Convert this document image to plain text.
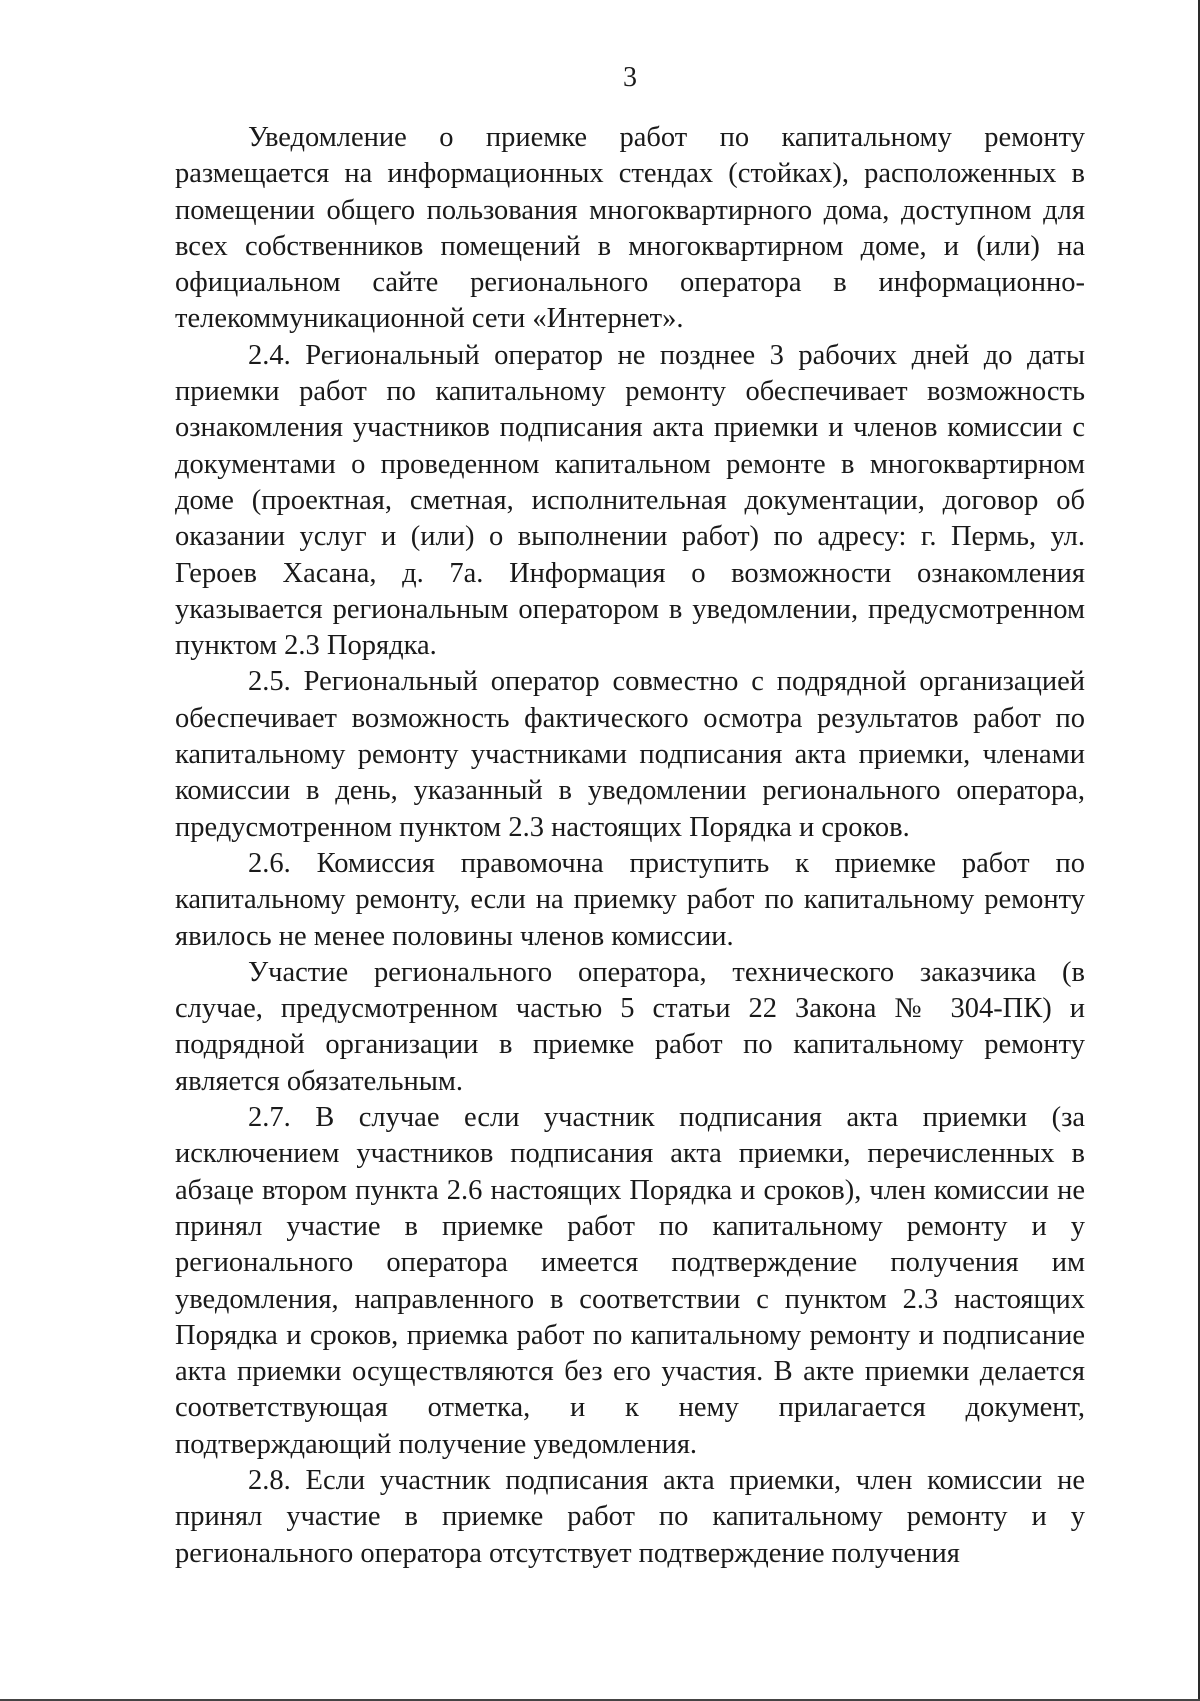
3

Уведомление о приемке работ по капитальному ремонту размещается на информационных стендах (стойках), расположенных в помещении общего пользования многоквартирного дома, доступном для всех собственников помещений в многоквартирном доме, и (или) на официальном сайте регионального оператора в информационно-телекоммуникационной сети «Интернет».

2.4. Региональный оператор не позднее 3 рабочих дней до даты приемки работ по капитальному ремонту обеспечивает возможность ознакомления участников подписания акта приемки и членов комиссии с документами о проведенном капитальном ремонте в многоквартирном доме (проектная, сметная, исполнительная документации, договор об оказании услуг и (или) о выполнении работ) по адресу: г. Пермь, ул. Героев Хасана, д. 7а. Информация о возможности ознакомления указывается региональным оператором в уведомлении, предусмотренном пунктом 2.3 Порядка.

2.5. Региональный оператор совместно с подрядной организацией обеспечивает возможность фактического осмотра результатов работ по капитальному ремонту участниками подписания акта приемки, членами комиссии в день, указанный в уведомлении регионального оператора, предусмотренном пунктом 2.3 настоящих Порядка и сроков.

2.6. Комиссия правомочна приступить к приемке работ по капитальному ремонту, если на приемку работ по капитальному ремонту явилось не менее половины членов комиссии.

Участие регионального оператора, технического заказчика (в случае, предусмотренном частью 5 статьи 22 Закона № 304-ПК) и подрядной организации в приемке работ по капитальному ремонту является обязательным.

2.7. В случае если участник подписания акта приемки (за исключением участников подписания акта приемки, перечисленных в абзаце втором пункта 2.6 настоящих Порядка и сроков), член комиссии не принял участие в приемке работ по капитальному ремонту и у регионального оператора имеется подтверждение получения им уведомления, направленного в соответствии с пунктом 2.3 настоящих Порядка и сроков, приемка работ по капитальному ремонту и подписание акта приемки осуществляются без его участия. В акте приемки делается соответствующая отметка, и к нему прилагается документ, подтверждающий получение уведомления.

2.8. Если участник подписания акта приемки, член комиссии не принял участие в приемке работ по капитальному ремонту и у регионального оператора отсутствует подтверждение получения
